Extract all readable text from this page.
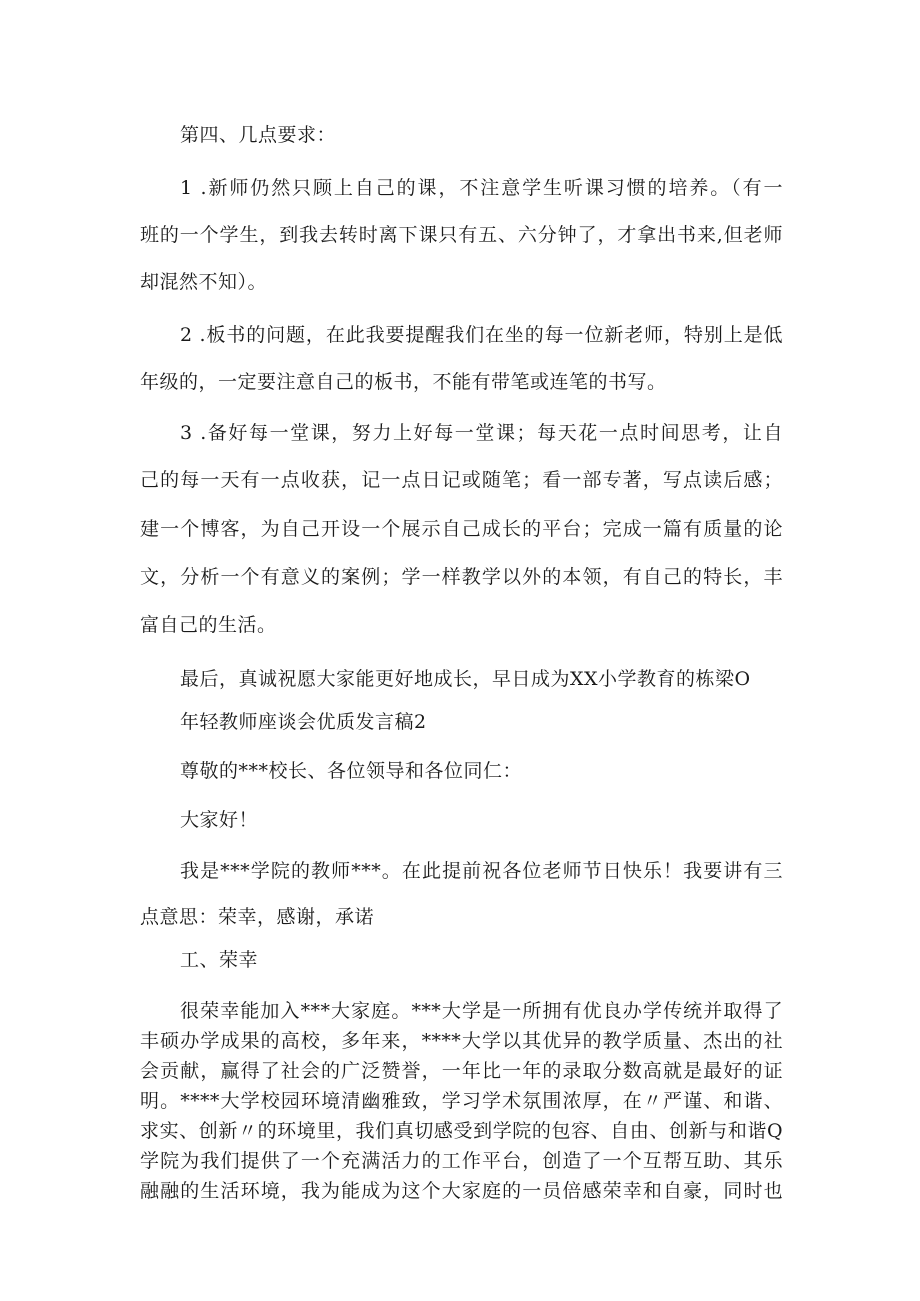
第四、几点要求：
1 .新师仍然只顾上自己的课，不注意学生听课习惯的培养。（有一
班的一个学生，到我去转时离下课只有五、六分钟了，才拿出书来,但老师
却混然不知）。
2 .板书的问题，在此我要提醒我们在坐的每一位新老师，特别上是低
年级的，一定要注意自己的板书，不能有带笔或连笔的书写。
3 .备好每一堂课，努力上好每一堂课；每天花一点时间思考，让自
己的每一天有一点收获，记一点日记或随笔；看一部专著，写点读后感；
建一个博客，为自己开设一个展示自己成长的平台；完成一篇有质量的论
文，分析一个有意义的案例；学一样教学以外的本领，有自己的特长，丰
富自己的生活。
最后，真诚祝愿大家能更好地成长，早日成为XX小学教育的栋梁O
年轻教师座谈会优质发言稿2
尊敬的***校长、各位领导和各位同仁：
大家好！
我是***学院的教师***。在此提前祝各位老师节日快乐！我要讲有三
点意思：荣幸，感谢，承诺
工、荣幸
很荣幸能加入***大家庭。***大学是一所拥有优良办学传统并取得了
丰硕办学成果的高校，多年来，****大学以其优异的教学质量、杰出的社
会贡献，赢得了社会的广泛赞誉，一年比一年的录取分数高就是最好的证
明。****大学校园环境清幽雅致，学习学术氛围浓厚，在〃严谨、和谐、
求实、创新〃的环境里，我们真切感受到学院的包容、自由、创新与和谐Q
学院为我们提供了一个充满活力的工作平台，创造了一个互帮互助、其乐
融融的生活环境，我为能成为这个大家庭的一员倍感荣幸和自豪，同时也
